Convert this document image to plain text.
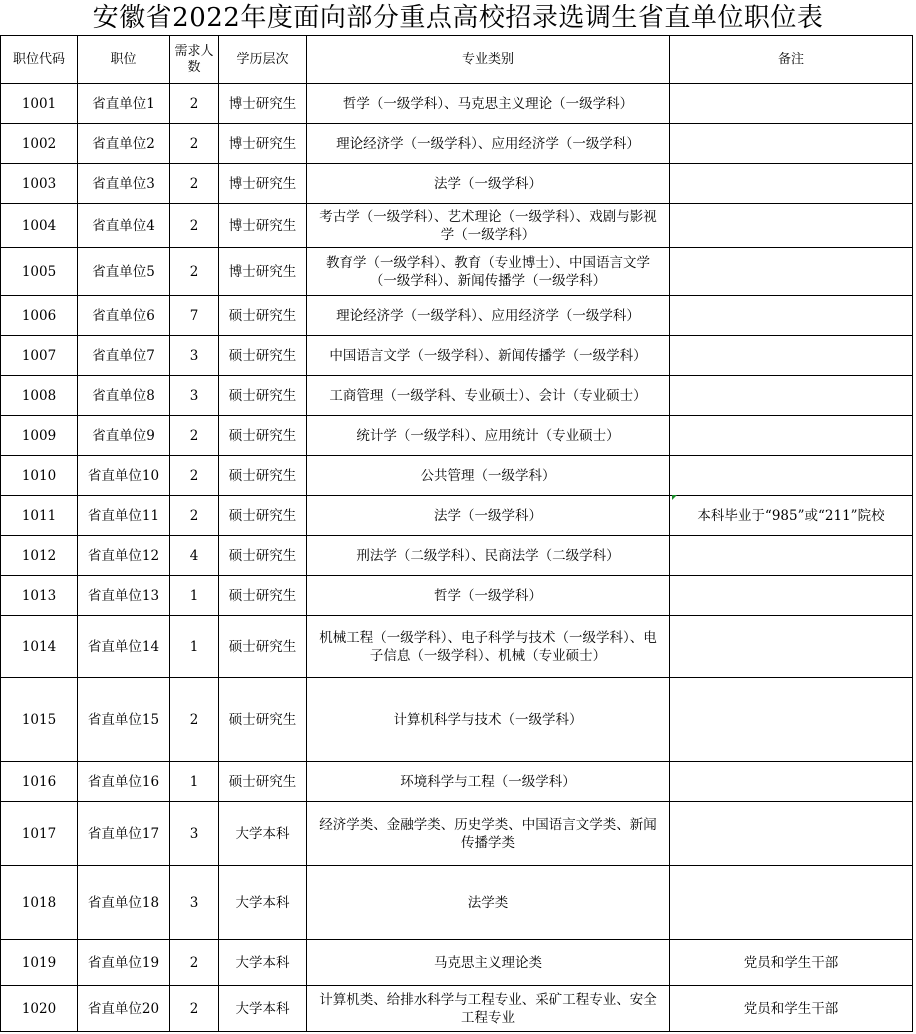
安徽省2022年度面向部分重点高校招录选调生省直单位职位表
职位代码	职位	需求人数	学历层次	专业类别	备注
1001	省直单位1	2	博士研究生	哲学（一级学科）、马克思主义理论（一级学科）	
1002	省直单位2	2	博士研究生	理论经济学（一级学科）、应用经济学（一级学科）	
1003	省直单位3	2	博士研究生	法学（一级学科）	
1004	省直单位4	2	博士研究生	考古学（一级学科）、艺术理论（一级学科）、戏剧与影视学（一级学科）	
1005	省直单位5	2	博士研究生	教育学（一级学科）、教育（专业博士）、中国语言文学（一级学科）、新闻传播学（一级学科）	
1006	省直单位6	7	硕士研究生	理论经济学（一级学科）、应用经济学（一级学科）	
1007	省直单位7	3	硕士研究生	中国语言文学（一级学科）、新闻传播学（一级学科）	
1008	省直单位8	3	硕士研究生	工商管理（一级学科、专业硕士）、会计（专业硕士）	
1009	省直单位9	2	硕士研究生	统计学（一级学科）、应用统计（专业硕士）	
1010	省直单位10	2	硕士研究生	公共管理（一级学科）	
1011	省直单位11	2	硕士研究生	法学（一级学科）	本科毕业于“985”或“211”院校
1012	省直单位12	4	硕士研究生	刑法学（二级学科）、民商法学（二级学科）	
1013	省直单位13	1	硕士研究生	哲学（一级学科）	
1014	省直单位14	1	硕士研究生	机械工程（一级学科）、电子科学与技术（一级学科）、电子信息（一级学科）、机械（专业硕士）	
1015	省直单位15	2	硕士研究生	计算机科学与技术（一级学科）	
1016	省直单位16	1	硕士研究生	环境科学与工程（一级学科）	
1017	省直单位17	3	大学本科	经济学类、金融学类、历史学类、中国语言文学类、新闻传播学类	
1018	省直单位18	3	大学本科	法学类	
1019	省直单位19	2	大学本科	马克思主义理论类	党员和学生干部
1020	省直单位20	2	大学本科	计算机类、给排水科学与工程专业、采矿工程专业、安全工程专业	党员和学生干部
